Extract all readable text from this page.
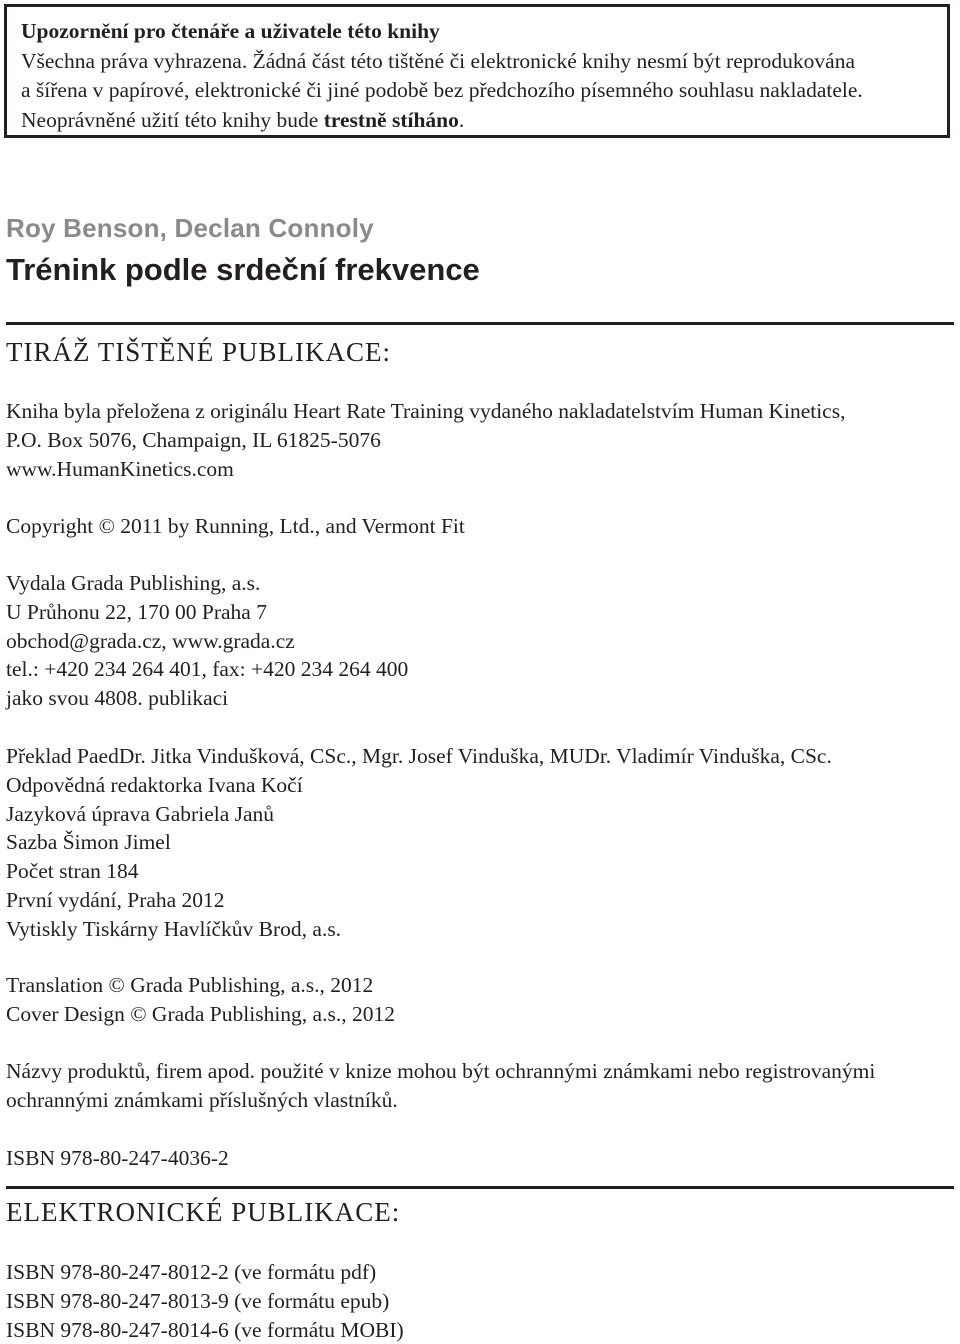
Upozornění pro čtenáře a uživatele této knihy

Všechna práva vyhrazena. Žádná část této tištěné či elektronické knihy nesmí být reprodukována

a šířena v papírové, elektronické či jiné podobě bez předchozího písemného souhlasu nakladatele.

Neoprávněné užití této knihy bude trestně stíháno.

Roy Benson, Declan Connoly
Trénink podle srdeční frekvence
TIRÁŽ TIŠTĚNÉ PUBLIKACE:

Kniha byla přeložena z originálu Heart Rate Training vydaného nakladatelstvím Human Kinetics,

P.O. Box 5076, Champaign, IL 61825-5076

www.HumanKinetics.com

Copyright © 2011 by Running, Ltd., and Vermont Fit

Vydala Grada Publishing, a.s.

U Průhonu 22, 170 00 Praha 7

obchod@grada.cz, www.grada.cz

tel.: +420 234 264 401, fax: +420 234 264 400

jako svou 4808. publikaci

Překlad PaedDr. Jitka Vindušková, CSc., Mgr. Josef Vinduška, MUDr. Vladimír Vinduška, CSc.

Odpovědná redaktorka Ivana Kočí

Jazyková úprava Gabriela Janů

Sazba Šimon Jimel

Počet stran 184

První vydání, Praha 2012

Vytiskly Tiskárny Havlíčkův Brod, a.s.

Translation © Grada Publishing, a.s., 2012

Cover Design © Grada Publishing, a.s., 2012

Názvy produktů, firem apod. použité v knize mohou být ochrannými známkami nebo registrovanými

ochrannými známkami příslušných vlastníků.

ISBN 978-80-247-4036-2

ELEKTRONICKÉ PUBLIKACE:

ISBN 978-80-247-8012-2 (ve formátu pdf)

ISBN 978-80-247-8013-9 (ve formátu epub)

ISBN 978-80-247-8014-6 (ve formátu MOBI)
